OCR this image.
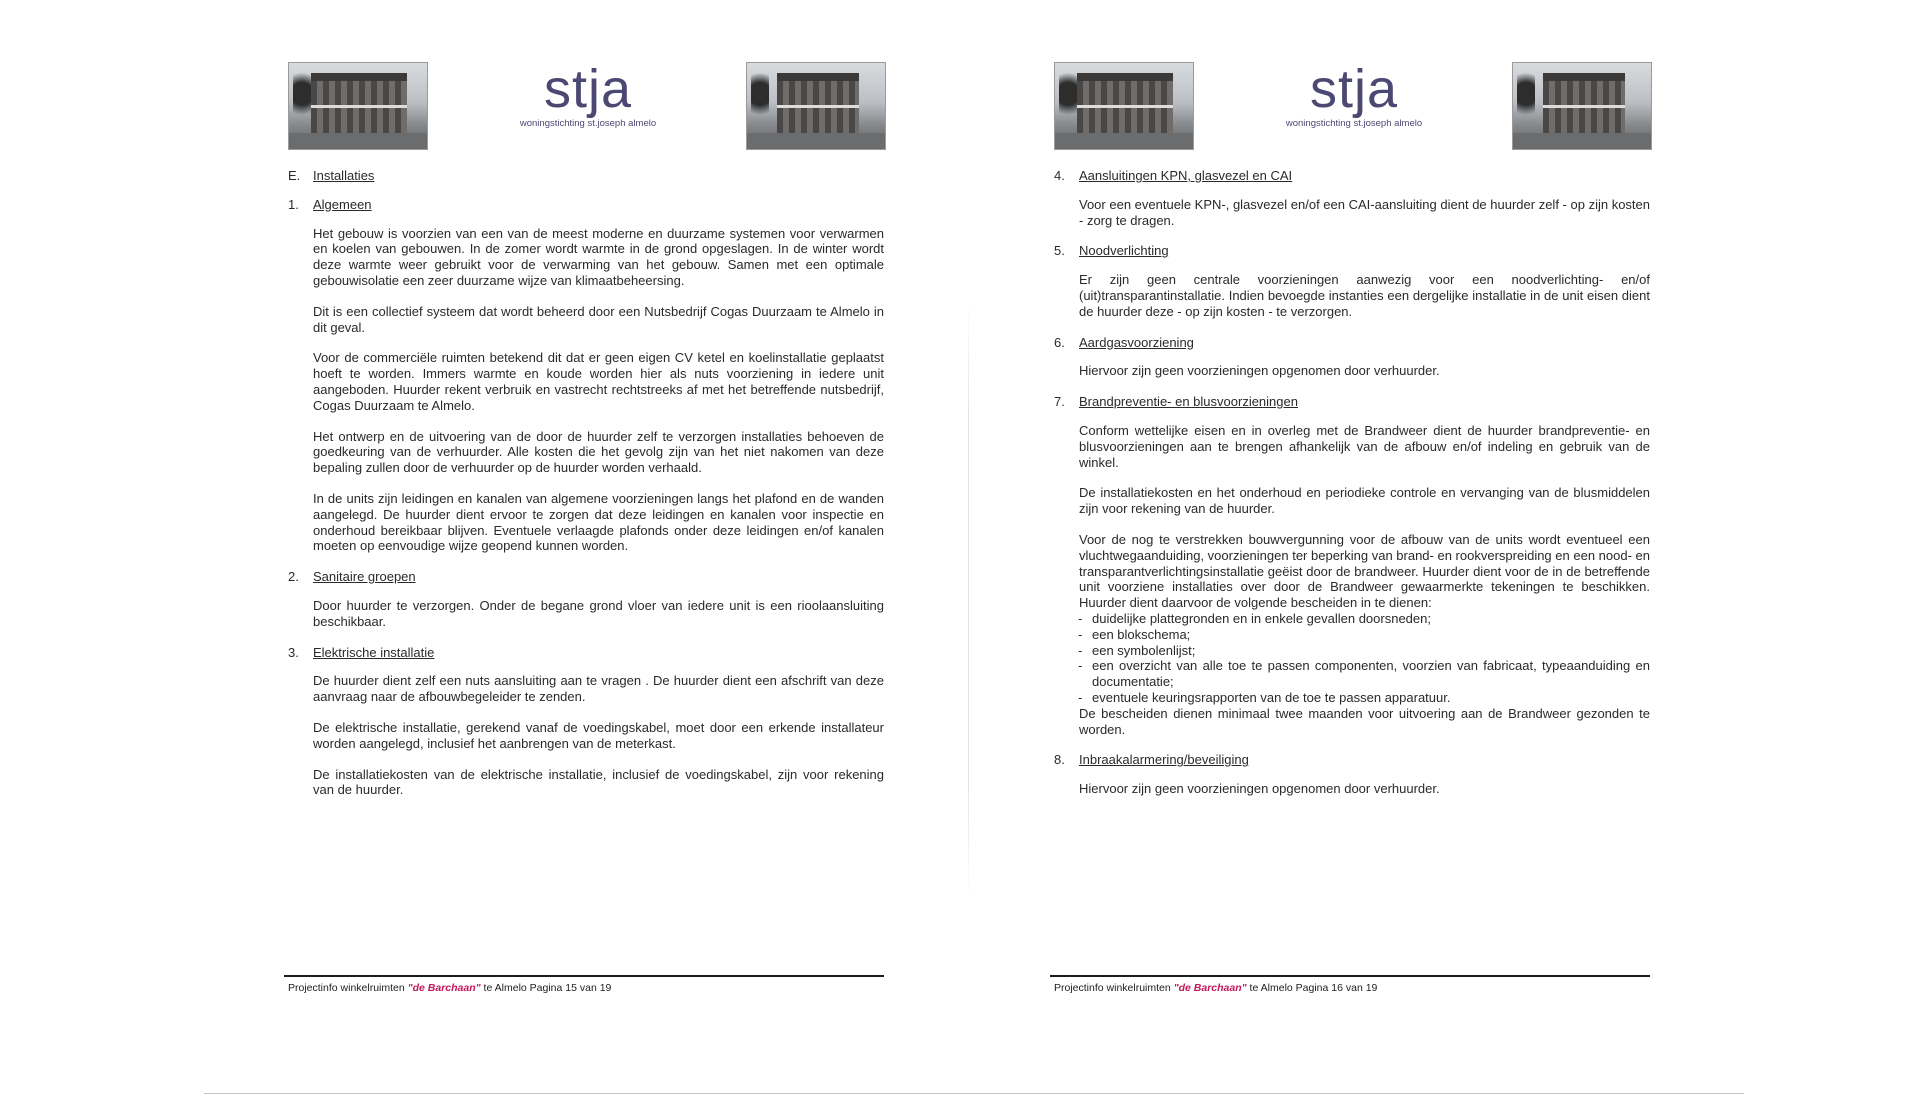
stja
woningstichting st.joseph almelo
E. Installaties
1. Algemeen

Het gebouw is voorzien van een van de meest moderne en duurzame systemen voor verwarmen en koelen van gebouwen. In de zomer wordt warmte in de grond opgeslagen. In de winter wordt deze warmte weer gebruikt voor de verwarming van het gebouw. Samen met een optimale gebouwisolatie een zeer duurzame wijze van klimaatbeheersing.

Dit is een collectief systeem dat wordt beheerd door een Nutsbedrijf Cogas Duurzaam te Almelo in dit geval.

Voor de commerciële ruimten betekend dit dat er geen eigen CV ketel en koelinstallatie geplaatst hoeft te worden. Immers warmte en koude worden hier als nuts voorziening in iedere unit aangeboden. Huurder rekent verbruik en vastrecht rechtstreeks af met het betreffende nutsbedrijf, Cogas Duurzaam te Almelo.

Het ontwerp en de uitvoering van de door de huurder zelf te verzorgen installaties behoeven de goedkeuring van de verhuurder. Alle kosten die het gevolg zijn van het niet nakomen van deze bepaling zullen door de verhuurder op de huurder worden verhaald.

In de units zijn leidingen en kanalen van algemene voorzieningen langs het plafond en de wanden aangelegd. De huurder dient ervoor te zorgen dat deze leidingen en kanalen voor inspectie en onderhoud bereikbaar blijven. Eventuele verlaagde plafonds onder deze leidingen en/of kanalen moeten op eenvoudige wijze geopend kunnen worden.

2. Sanitaire groepen

Door huurder te verzorgen. Onder de begane grond vloer van iedere unit is een rioolaansluiting beschikbaar.

3. Elektrische installatie

De huurder dient zelf een nuts aansluiting aan te vragen . De huurder dient een afschrift van deze aanvraag naar de afbouwbegeleider te zenden.

De elektrische installatie, gerekend vanaf de voedingskabel, moet door een erkende installateur worden aangelegd, inclusief het aanbrengen van de meterkast.

De installatiekosten van de elektrische installatie, inclusief de voedingskabel, zijn voor rekening van de huurder.

Projectinfo winkelruimten "de Barchaan" te Almelo Pagina 15 van 19
stja
woningstichting st.joseph almelo
4. Aansluitingen KPN, glasvezel en CAI

Voor een eventuele KPN-, glasvezel en/of een CAI-aansluiting dient de huurder zelf - op zijn kosten - zorg te dragen.

5. Noodverlichting

Er zijn geen centrale voorzieningen aanwezig voor een noodverlichting- en/of (uit)transparantinstallatie. Indien bevoegde instanties een dergelijke installatie in de unit eisen dient de huurder deze - op zijn kosten - te verzorgen.

6. Aardgasvoorziening

Hiervoor zijn geen voorzieningen opgenomen door verhuurder.

7. Brandpreventie- en blusvoorzieningen

Conform wettelijke eisen en in overleg met de Brandweer dient de huurder brandpreventie- en blusvoorzieningen aan te brengen afhankelijk van de afbouw en/of indeling en gebruik van de winkel.

De installatiekosten en het onderhoud en periodieke controle en vervanging van de blusmiddelen zijn voor rekening van de huurder.

Voor de nog te verstrekken bouwvergunning voor de afbouw van de units wordt eventueel een vluchtwegaanduiding, voorzieningen ter beperking van brand- en rookverspreiding en een nood- en transparantverlichtingsinstallatie geëist door de brandweer. Huurder dient voor de in de betreffende unit voorziene installaties over door de Brandweer gewaarmerkte tekeningen te beschikken. Huurder dient daarvoor de volgende bescheiden in te dienen:
- duidelijke plattegronden en in enkele gevallen doorsneden;
- een blokschema;
- een symbolenlijst;
- een overzicht van alle toe te passen componenten, voorzien van fabricaat, typeaanduiding en documentatie;
- eventuele keuringsrapporten van de toe te passen apparatuur.
De bescheiden dienen minimaal twee maanden voor uitvoering aan de Brandweer gezonden te worden.
8. Inbraakalarmering/beveiliging

Hiervoor zijn geen voorzieningen opgenomen door verhuurder.

Projectinfo winkelruimten "de Barchaan" te Almelo Pagina 16 van 19
